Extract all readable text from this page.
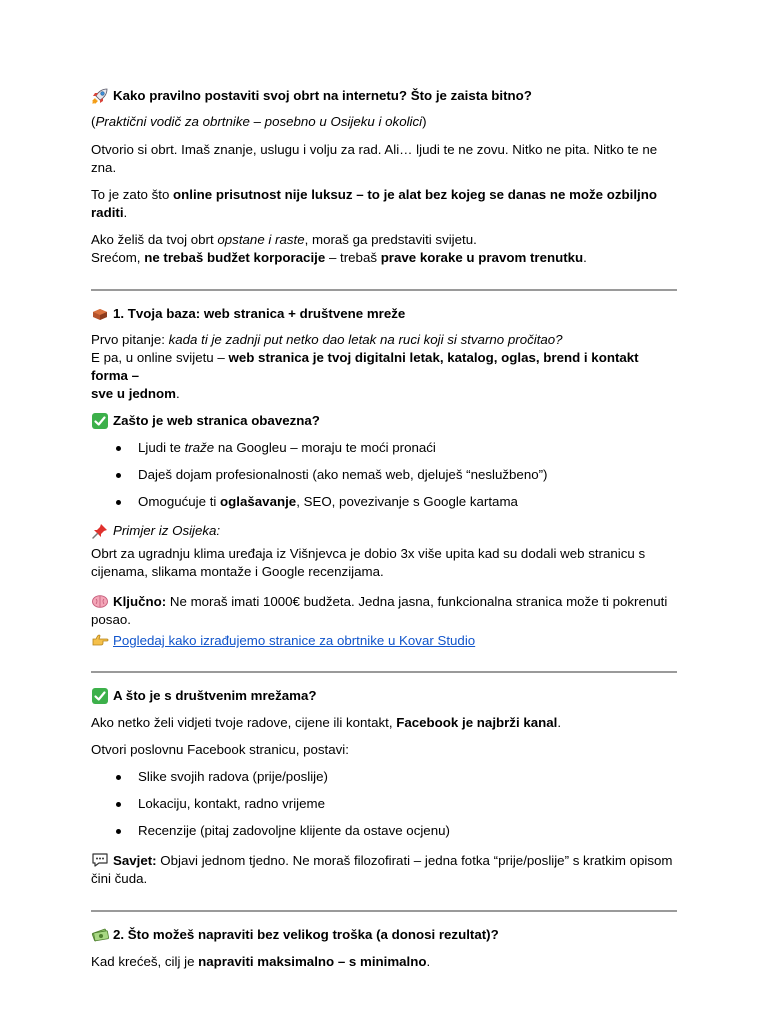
Kako pravilno postaviti svoj obrt na internetu? Što je zaista bitno?

(Praktični vodič za obrtnike – posebno u Osijeku i okolici)

Otvorio si obrt. Imaš znanje, uslugu i volju za rad. Ali… ljudi te ne zovu. Nitko ne pita. Nitko te ne zna.

To je zato što online prisutnost nije luksuz – to je alat bez kojeg se danas ne može ozbiljno raditi.

Ako želiš da tvoj obrt opstane i raste, moraš ga predstaviti svijetu.
Srećom, ne trebaš budžet korporacije – trebaš prave korake u pravom trenutku.

1. Tvoja baza: web stranica + društvene mreže

Prvo pitanje: kada ti je zadnji put netko dao letak na ruci koji si stvarno pročitao?
E pa, u online svijetu – web stranica je tvoj digitalni letak, katalog, oglas, brend i kontakt forma –
sve u jednom.

Zašto je web stranica obavezna?

Ljudi te traže na Googleu – moraju te moći pronaći
Daješ dojam profesionalnosti (ako nemaš web, djeluješ “neslužbeno”)
Omogućuje ti oglašavanje, SEO, povezivanje s Google kartama

Primjer iz Osijeka:

Obrt za ugradnju klima uređaja iz Višnjevca je dobio 3x više upita kad su dodali web stranicu s cijenama, slikama montaže i Google recenzijama.

Ključno: Ne moraš imati 1000€ budžeta. Jedna jasna, funkcionalna stranica može ti pokrenuti posao.

Pogledaj kako izrađujemo stranice za obrtnike u Kovar Studio

A što je s društvenim mrežama?

Ako netko želi vidjeti tvoje radove, cijene ili kontakt, Facebook je najbrži kanal.

Otvori poslovnu Facebook stranicu, postavi:

Slike svojih radova (prije/poslije)
Lokaciju, kontakt, radno vrijeme
Recenzije (pitaj zadovoljne klijente da ostave ocjenu)

Savjet: Objavi jednom tjedno. Ne moraš filozofirati – jedna fotka “prije/poslije” s kratkim opisom čini čuda.

2. Što možeš napraviti bez velikog troška (a donosi rezultat)?

Kad krećeš, cilj je napraviti maksimalno – s minimalno.
